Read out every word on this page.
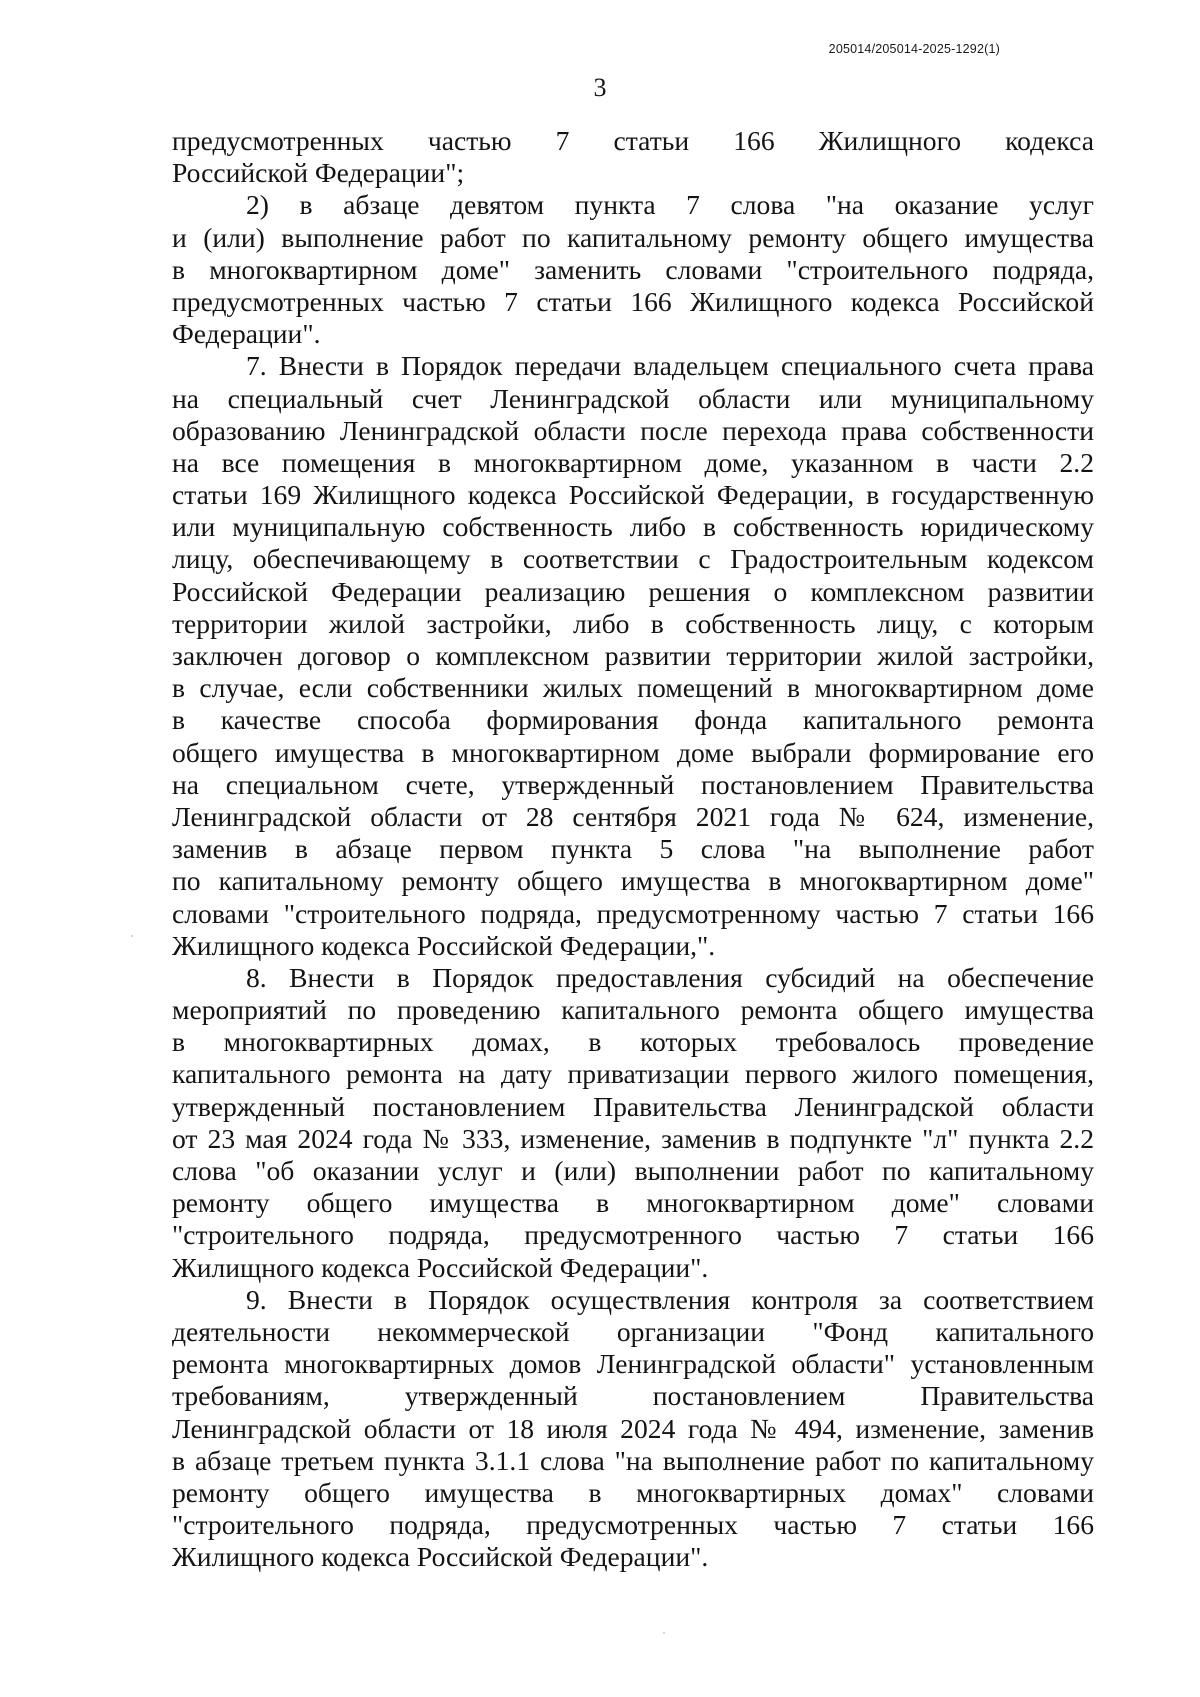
205014/205014-2025-1292(1)
3
предусмотренных частью 7 статьи 166 Жилищного кодекса
Российской Федерации";
2) в абзаце девятом пункта 7 слова "на оказание услуг
и (или) выполнение работ по капитальному ремонту общего имущества
в многоквартирном доме" заменить словами "строительного подряда,
предусмотренных частью 7 статьи 166 Жилищного кодекса Российской
Федерации".
7. Внести в Порядок передачи владельцем специального счета права
на специальный счет Ленинградской области или муниципальному
образованию Ленинградской области после перехода права собственности
на все помещения в многоквартирном доме, указанном в части 2.2
статьи 169 Жилищного кодекса Российской Федерации, в государственную
или муниципальную собственность либо в собственность юридическому
лицу, обеспечивающему в соответствии с Градостроительным кодексом
Российской Федерации реализацию решения о комплексном развитии
территории жилой застройки, либо в собственность лицу, с которым
заключен договор о комплексном развитии территории жилой застройки,
в случае, если собственники жилых помещений в многоквартирном доме
в качестве способа формирования фонда капитального ремонта
общего имущества в многоквартирном доме выбрали формирование его
на специальном счете, утвержденный постановлением Правительства
Ленинградской области от 28 сентября 2021 года № 624, изменение,
заменив в абзаце первом пункта 5 слова "на выполнение работ
по капитальному ремонту общего имущества в многоквартирном доме"
словами "строительного подряда, предусмотренному частью 7 статьи 166
Жилищного кодекса Российской Федерации,".
8. Внести в Порядок предоставления субсидий на обеспечение
мероприятий по проведению капитального ремонта общего имущества
в многоквартирных домах, в которых требовалось проведение
капитального ремонта на дату приватизации первого жилого помещения,
утвержденный постановлением Правительства Ленинградской области
от 23 мая 2024 года № 333, изменение, заменив в подпункте "л" пункта 2.2
слова "об оказании услуг и (или) выполнении работ по капитальному
ремонту общего имущества в многоквартирном доме" словами
"строительного подряда, предусмотренного частью 7 статьи 166
Жилищного кодекса Российской Федерации".
9. Внести в Порядок осуществления контроля за соответствием
деятельности некоммерческой организации "Фонд капитального
ремонта многоквартирных домов Ленинградской области" установленным
требованиям, утвержденный постановлением Правительства
Ленинградской области от 18 июля 2024 года № 494, изменение, заменив
в абзаце третьем пункта 3.1.1 слова "на выполнение работ по капитальному
ремонту общего имущества в многоквартирных домах" словами
"строительного подряда, предусмотренных частью 7 статьи 166
Жилищного кодекса Российской Федерации".
